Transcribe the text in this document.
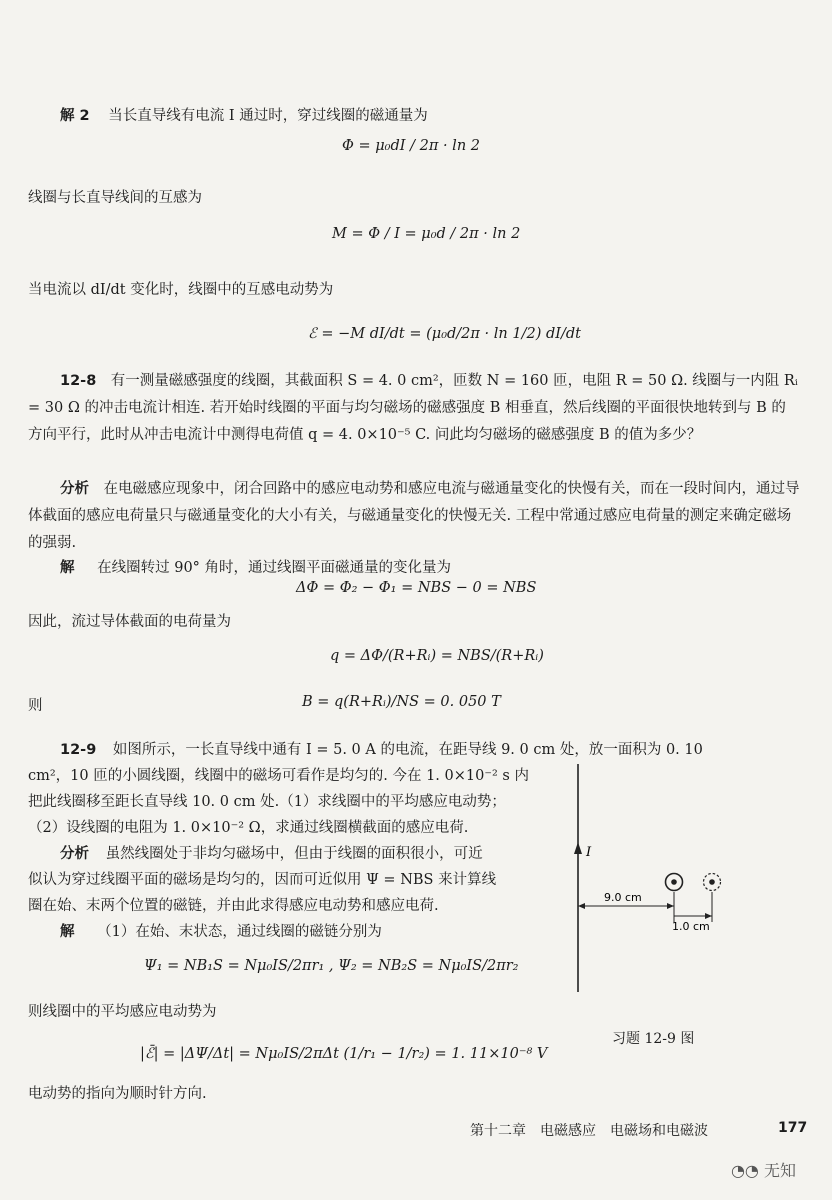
解 2 当长直导线有电流 I 通过时，穿过线圈的磁通量为
Φ = μ₀dI / 2π · ln 2
线圈与长直导线间的互感为
M = Φ / I = μ₀d / 2π · ln 2
当电流以 dI/dt 变化时，线圈中的互感电动势为
ℰ = −M dI/dt = (μ₀d/2π · ln 1/2) dI/dt

12-8　 有一测量磁感强度的线圈，其截面积 S = 4. 0 cm²，匝数 N = 160 匝，电阻 R = 50 Ω. 线圈与一内阻 Rᵢ = 30 Ω 的冲击电流计相连. 若开始时线圈的平面与均匀磁场的磁感强度 B 相垂直，然后线圈的平面很快地转到与 B 的方向平行，此时从冲击电流计中测得电荷值 q = 4. 0×10⁻⁵ C. 问此均匀磁场的磁感强度 B 的值为多少？

分析　 在电磁感应现象中，闭合回路中的感应电动势和感应电流与磁通量变化的快慢有关，而在一段时间内，通过导体截面的感应电荷量只与磁通量变化的大小有关，与磁通量变化的快慢无关. 工程中常通过感应电荷量的测定来确定磁场的强弱.

解 在线圈转过 90° 角时，通过线圈平面磁通量的变化量为
ΔΦ = Φ₂ − Φ₁ = NBS − 0 = NBS
因此，流过导体截面的电荷量为
q = ΔΦ/(R+Rᵢ) = NBS/(R+Rᵢ)
则	B = q(R+Rᵢ)/NS = 0. 050 T
12-9 如图所示，一长直导线中通有 I = 5. 0 A 的电流，在距导线 9. 0 cm 处，放一面积为 0. 10
cm²，10 匝的小圆线圈，线圈中的磁场可看作是均匀的. 今在 1. 0×10⁻² s 内
把此线圈移至距长直导线 10. 0 cm 处.（1）求线圈中的平均感应电动势；
（2）设线圈的电阻为 1. 0×10⁻² Ω，求通过线圈横截面的感应电荷.
分析 虽然线圈处于非均匀磁场中，但由于线圈的面积很小，可近
似认为穿过线圈平面的磁场是均匀的，因而可近似用 Ψ = NBS 来计算线
圈在始、末两个位置的磁链，并由此求得感应电动势和感应电荷.
解 （1）在始、末状态，通过线圈的磁链分别为
Ψ₁ = NB₁S = Nμ₀IS/2πr₁ , Ψ₂ = NB₂S = Nμ₀IS/2πr₂
则线圈中的平均感应电动势为
|ℰ̄| = |ΔΨ/Δt| = Nμ₀IS/2πΔt (1/r₁ − 1/r₂) = 1. 11×10⁻⁸ V
电动势的指向为顺时针方向.
I
9.0 cm
1.0 cm
习题 12-9 图
第十二章　电磁感应　电磁场和电磁波	177
◔◔ 无知
